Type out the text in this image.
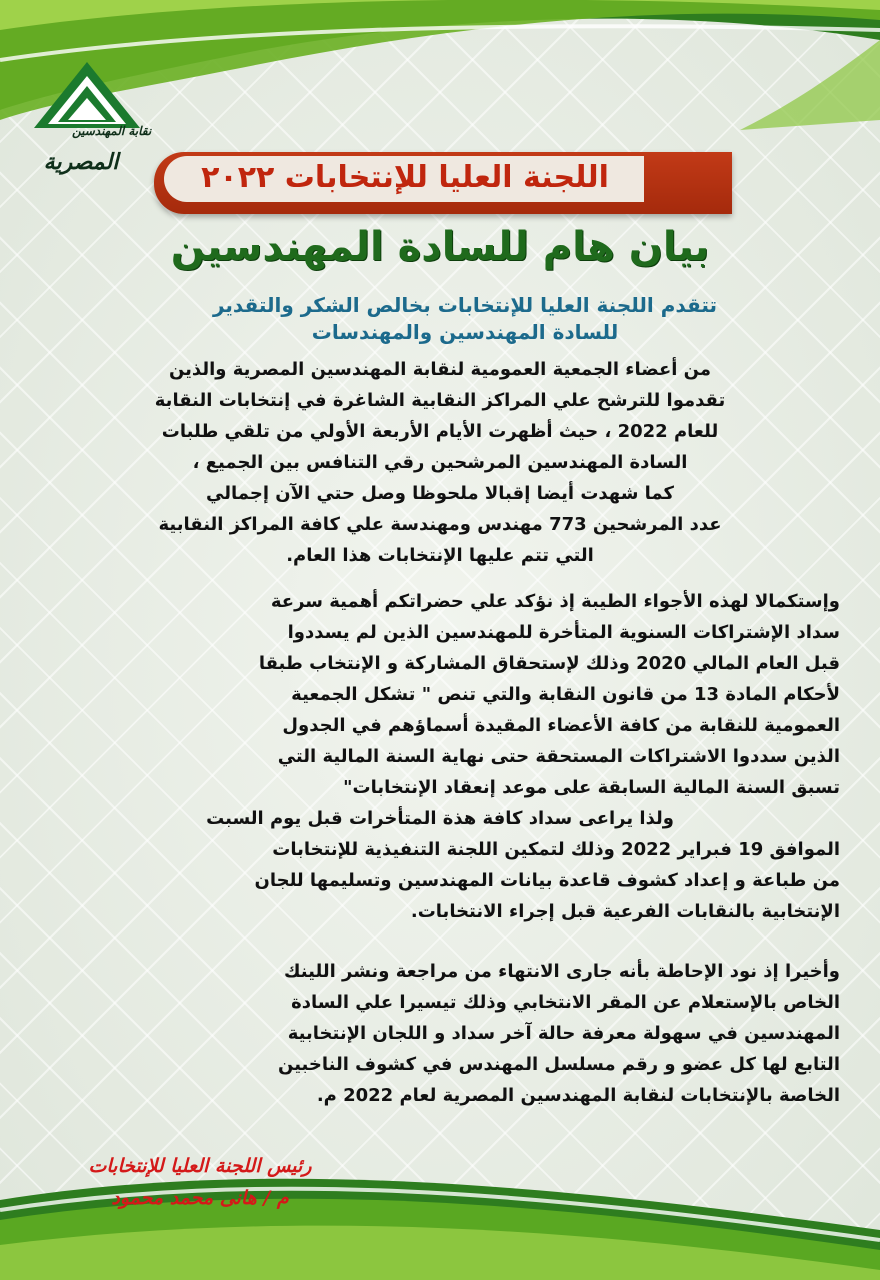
نقابة المهندسين
المصرية	اللجنة العليا للإنتخابات ٢٠٢٢
بيان هام للسادة المهندسين
تتقدم اللجنة العليا للإنتخابات بخالص الشكر والتقدير
للسادة المهندسين والمهندسات
من أعضاء الجمعية العمومية لنقابة المهندسين المصرية والذين
تقدموا للترشح علي المراكز النقابية الشاغرة في إنتخابات النقابة
للعام 2022 ، حيث أظهرت الأيام الأربعة الأولي من تلقي طلبات
السادة المهندسين المرشحين رقي التنافس بين الجميع ،
كما شهدت أيضا إقبالا ملحوظا وصل حتي الآن إجمالي
عدد المرشحين 773 مهندس ومهندسة علي كافة المراكز النقابية
التي تتم عليها الإنتخابات هذا العام.
وإستكمالا لهذه الأجواء الطيبة إذ نؤكد علي حضراتكم أهمية سرعة
سداد الإشتراكات السنوية المتأخرة للمهندسين الذين لم يسددوا
قبل العام المالي 2020 وذلك لإستحقاق المشاركة و الإنتخاب طبقا
لأحكام المادة 13 من قانون النقابة والتي تنص " تشكل الجمعية
العمومية للنقابة من كافة الأعضاء المقيدة أسماؤهم في الجدول
الذين سددوا الاشتراكات المستحقة حتى نهاية السنة المالية التي
تسبق السنة المالية السابقة على موعد إنعقاد الإنتخابات"
ولذا يراعى سداد كافة هذة المتأخرات قبل يوم السبت
الموافق 19 فبراير 2022 وذلك لتمكين اللجنة التنفيذية للإنتخابات
من طباعة و إعداد كشوف قاعدة بيانات المهندسين وتسليمها للجان
الإنتخابية بالنقابات الفرعية قبل إجراء الانتخابات.
وأخيرا إذ نود الإحاطة بأنه جارى الانتهاء من مراجعة ونشر اللينك
الخاص بالإستعلام عن المقر الانتخابي وذلك تيسيرا علي السادة
المهندسين في سهولة معرفة حالة آخر سداد و اللجان الإنتخابية
التابع لها كل عضو و رقم مسلسل المهندس في كشوف الناخبين
الخاصة بالإنتخابات لنقابة المهندسين المصرية لعام 2022 م.
رئيس اللجنة العليا للإنتخابات
م / هانى محمد محمود
